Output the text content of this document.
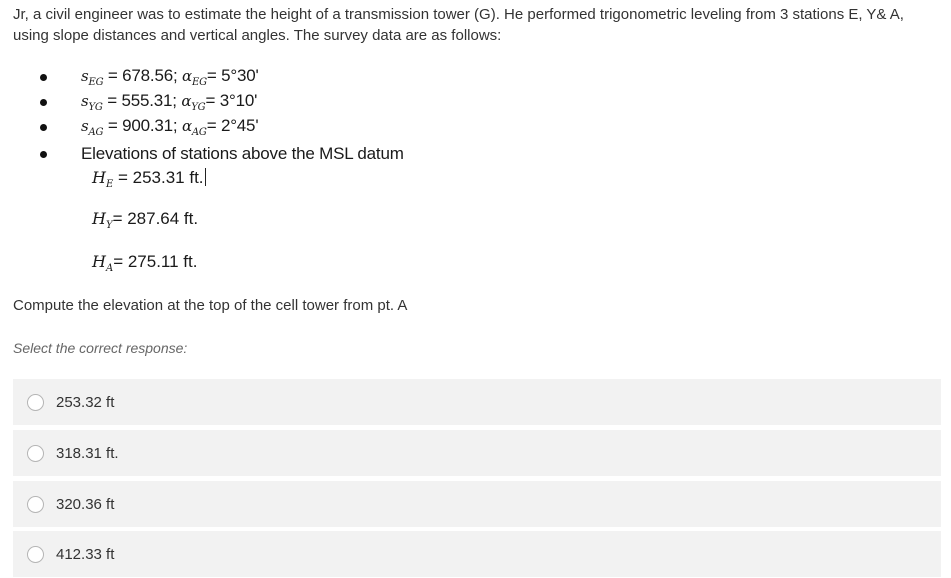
Jr, a civil engineer was to estimate the height of a transmission tower (G). He performed trigonometric leveling from 3 stations E, Y& A, using slope distances and vertical angles. The survey data are as follows:
$s_{EG} = 678.56$; $\alpha_{EG}= 5^\circ 30'$
$s_{YG} = 555.31$; $\alpha_{YG}= 3^\circ 10'$
$s_{AG} = 900.31$; $\alpha_{AG}= 2^\circ 45'$
Elevations of stations above the MSL datum
$H_E = 253.31$ ft.
$H_Y= 287.64$ ft.
$H_A= 275.11$ ft.
Compute the elevation at the top of the cell tower from pt. A
Select the correct response:
253.32 ft
318.31 ft.
320.36 ft
412.33 ft
